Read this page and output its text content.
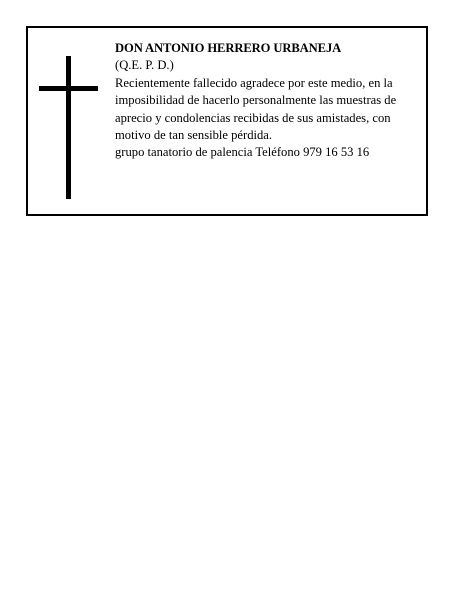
DON ANTONIO HERRERO URBANEJA
(Q.E. P. D.)
Recientemente fallecido agradece por este medio, en la imposibilidad de hacerlo personalmente las muestras de aprecio y condolencias recibidas de sus amistades, con motivo de tan sensible pérdida.
grupo tanatorio de palencia Teléfono 979 16 53 16
